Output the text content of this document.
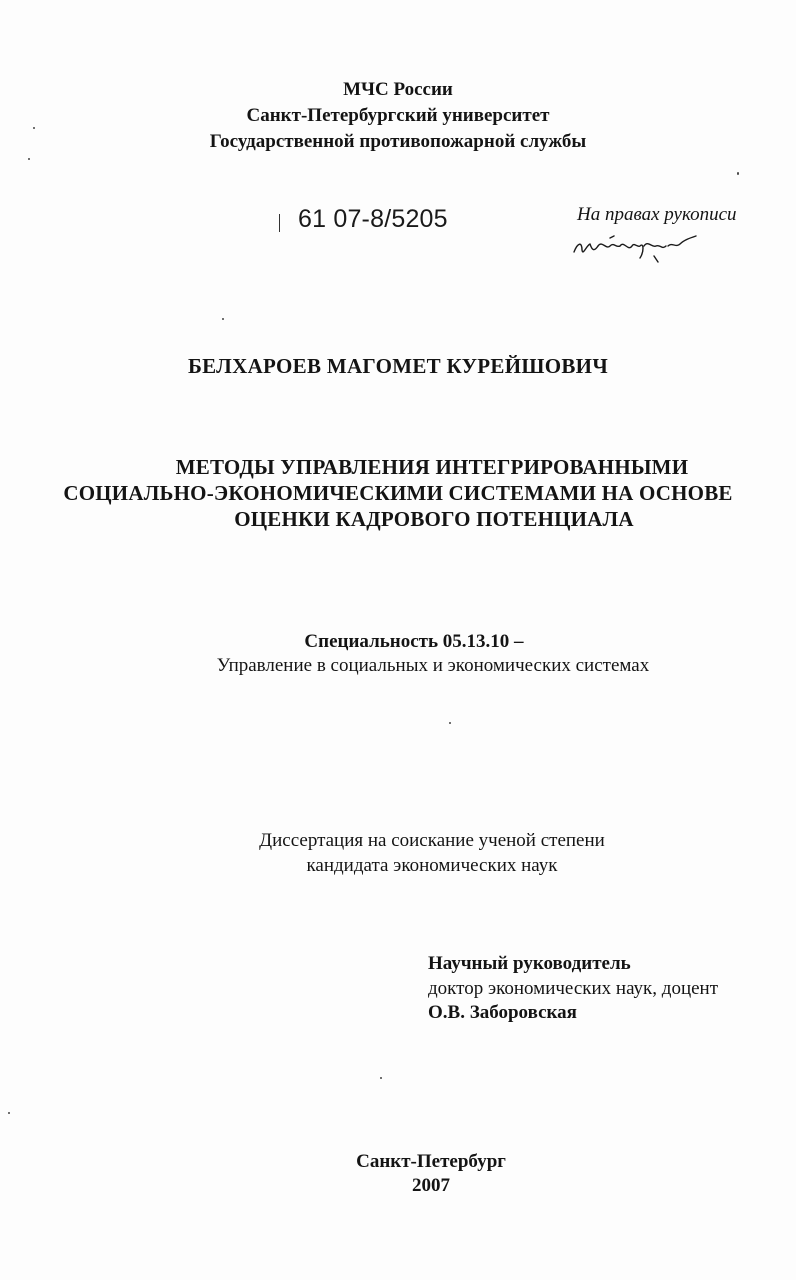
МЧС России
Санкт-Петербургский университет
Государственной противопожарной службы
61 07-8/5205	На правах рукописи
БЕЛХАРОЕВ МАГОМЕТ КУРЕЙШОВИЧ
МЕТОДЫ УПРАВЛЕНИЯ ИНТЕГРИРОВАННЫМИ
СОЦИАЛЬНО-ЭКОНОМИЧЕСКИМИ СИСТЕМАМИ НА ОСНОВЕ
ОЦЕНКИ КАДРОВОГО ПОТЕНЦИАЛА
Специальность 05.13.10 –
Управление в социальных и экономических системах
Диссертация на соискание ученой степени
кандидата экономических наук
Научный руководитель
доктор экономических наук, доцент
О.В. Заборовская
Санкт-Петербург
2007
